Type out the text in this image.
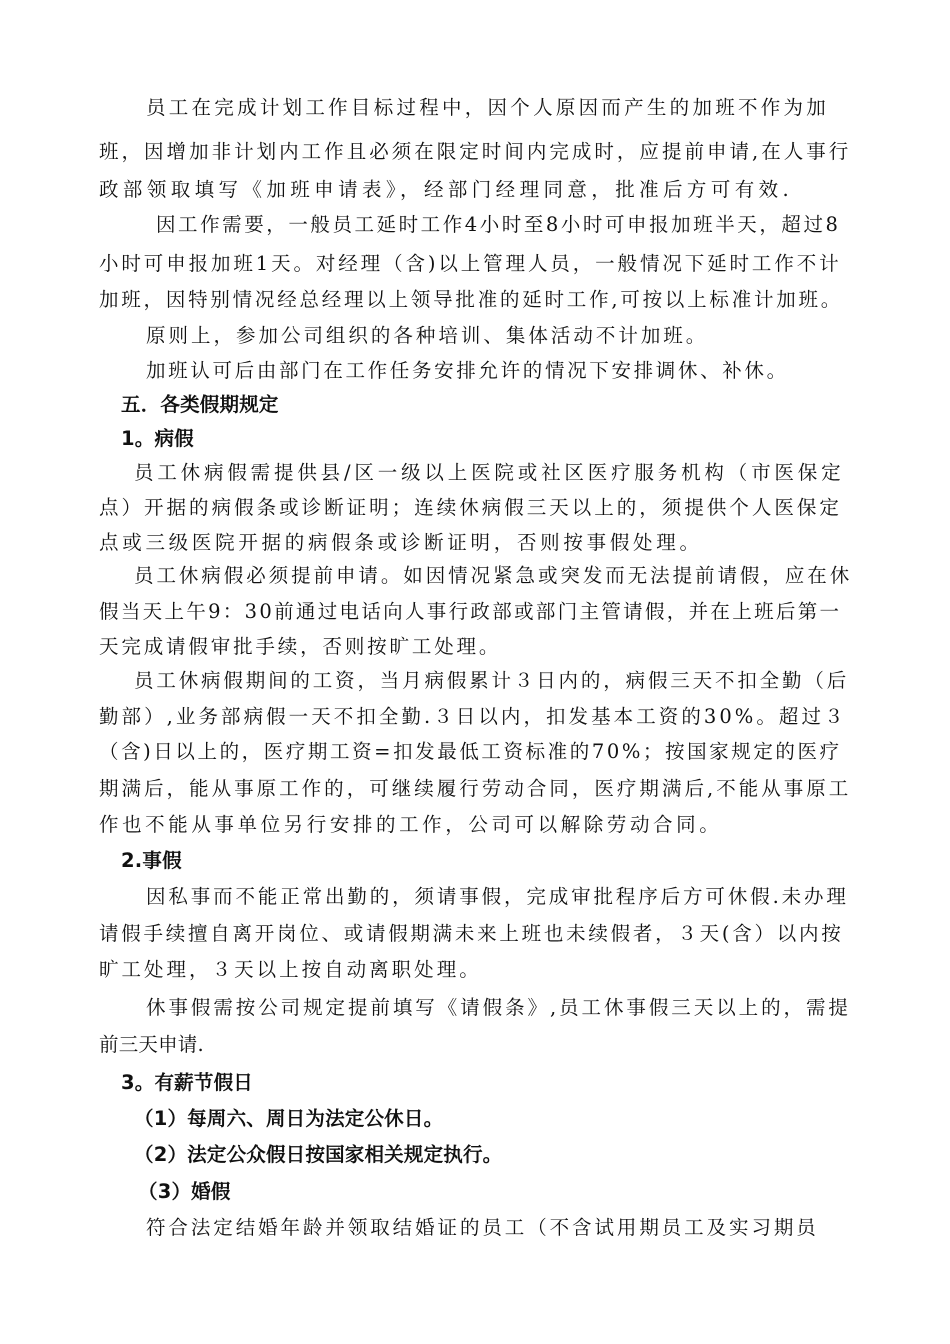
员工在完成计划工作目标过程中，因个人原因而产生的加班不作为加
班，因增加非计划内工作且必须在限定时间内完成时，应提前申请,在人事行
政部领取填写《加班申请表》，经部门经理同意，批准后方可有效.
因工作需要，一般员工延时工作4小时至8小时可申报加班半天，超过8
小时可申报加班1天。对经理（含)以上管理人员，一般情况下延时工作不计
加班，因特别情况经总经理以上领导批准的延时工作,可按以上标准计加班。
原则上，参加公司组织的各种培训、集体活动不计加班。
加班认可后由部门在工作任务安排允许的情况下安排调休、补休。
五．各类假期规定
1。病假
员工休病假需提供县/区一级以上医院或社区医疗服务机构（市医保定
点）开据的病假条或诊断证明；连续休病假三天以上的，须提供个人医保定
点或三级医院开据的病假条或诊断证明，否则按事假处理。
员工休病假必须提前申请。如因情况紧急或突发而无法提前请假，应在休
假当天上午9：30前通过电话向人事行政部或部门主管请假，并在上班后第一
天完成请假审批手续，否则按旷工处理。
员工休病假期间的工资，当月病假累计３日内的，病假三天不扣全勤（后
勤部）,业务部病假一天不扣全勤.３日以内，扣发基本工资的30%。超过３
（含)日以上的，医疗期工资=扣发最低工资标准的70%；按国家规定的医疗
期满后，能从事原工作的，可继续履行劳动合同，医疗期满后,不能从事原工
作也不能从事单位另行安排的工作，公司可以解除劳动合同。
2.事假
因私事而不能正常出勤的，须请事假，完成审批程序后方可休假.未办理
请假手续擅自离开岗位、或请假期满未来上班也未续假者，３天(含）以内按
旷工处理，３天以上按自动离职处理。
休事假需按公司规定提前填写《请假条》,员工休事假三天以上的，需提
前三天申请.
3。有薪节假日
（1）每周六、周日为法定公休日。
（2）法定公众假日按国家相关规定执行。
（3）婚假
符合法定结婚年龄并领取结婚证的员工（不含试用期员工及实习期员
